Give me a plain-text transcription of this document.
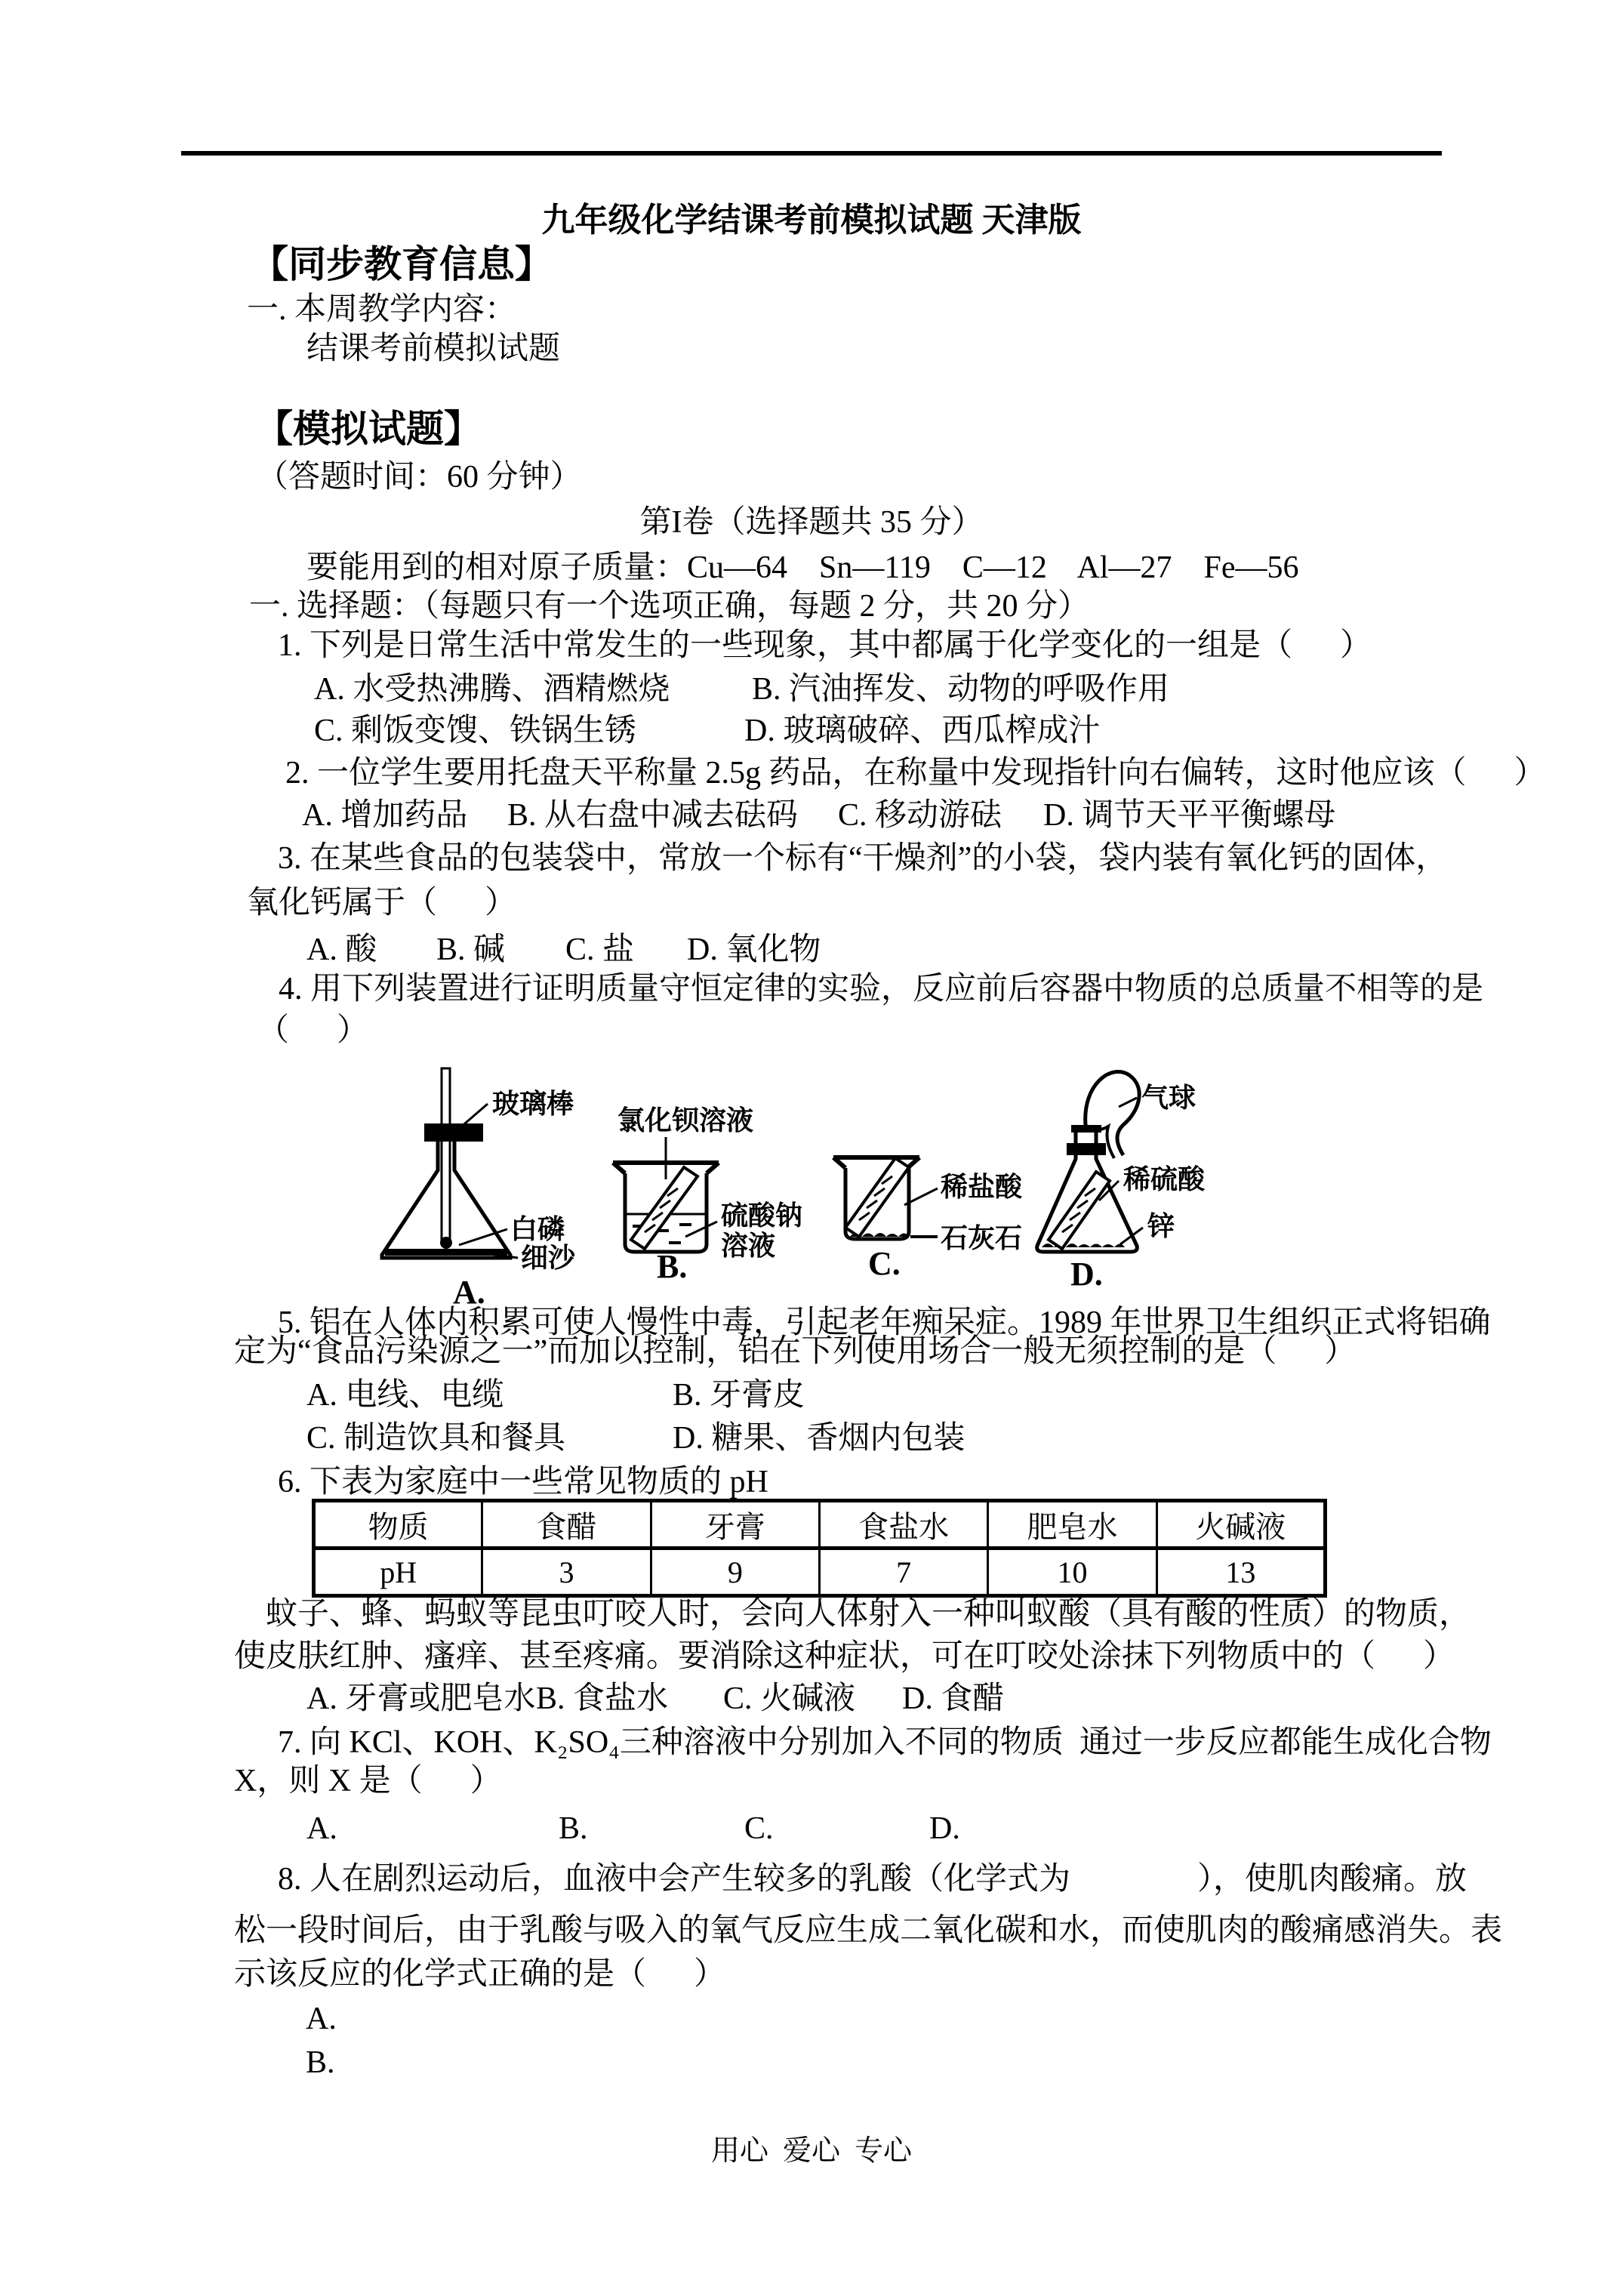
九年级化学结课考前模拟试题 天津版
【同步教育信息】
一. 本周教学内容：
结课考前模拟试题
【模拟试题】
（答题时间：60 分钟）
第I卷（选择题共 35 分）
要能用到的相对原子质量：Cu—64    Sn—119    C—12    Al—27    Fe—56
一. 选择题：（每题只有一个选项正确，每题 2 分，共 20 分）
1. 下列是日常生活中常发生的一些现象，其中都属于化学变化的一组是（      ）
A. 水受热沸腾、酒精燃烧	B. 汽油挥发、动物的呼吸作用
C. 剩饭变馊、铁锅生锈	D. 玻璃破碎、西瓜榨成汁
2. 一位学生要用托盘天平称量 2.5g 药品，在称量中发现指针向右偏转，这时他应该（      ）
A. 增加药品 B. 从右盘中减去砝码 C. 移动游砝 D. 调节天平平衡螺母
3. 在某些食品的包装袋中，常放一个标有“干燥剂”的小袋，袋内装有氧化钙的固体，
氧化钙属于（      ）
A. 酸 B. 碱 C. 盐 D. 氧化物
4. 用下列装置进行证明质量守恒定律的实验，反应前后容器中物质的总质量不相等的是
（      ）
玻璃棒
白磷
细沙
A.
氯化钡溶液
硫酸钠
溶液
B.
稀盐酸
石灰石
C.
气球
稀硫酸
锌
D.
5. 铝在人体内积累可使人慢性中毒，引起老年痴呆症。1989 年世界卫生组织正式将铝确
定为“食品污染源之一”而加以控制，铝在下列使用场合一般无须控制的是（      ）
A. 电线、电缆	B. 牙膏皮
C. 制造饮具和餐具	D. 糖果、香烟内包装
6. 下表为家庭中一些常见物质的 pH
物质	食醋	牙膏	食盐水	肥皂水	火碱液
pH	3	9	7	10	13
蚊子、蜂、蚂蚁等昆虫叮咬人时，会向人体射入一种叫蚁酸（具有酸的性质）的物质，
使皮肤红肿、瘙痒、甚至疼痛。要消除这种症状，可在叮咬处涂抹下列物质中的（      ）
A. 牙膏或肥皂水 B. 食盐水 C. 火碱液 D. 食醋
7. 向 KCl、KOH、K₂SO₄三种溶液中分别加入不同的物质  通过一步反应都能生成化合物
X，则 X 是（      ）
A.	B.	C.	D.
8. 人在剧烈运动后，血液中会产生较多的乳酸（化学式为　　　　），使肌肉酸痛。放
松一段时间后，由于乳酸与吸入的氧气反应生成二氧化碳和水，而使肌肉的酸痛感消失。表
示该反应的化学式正确的是（      ）
A.
B.
用心  爱心  专心
